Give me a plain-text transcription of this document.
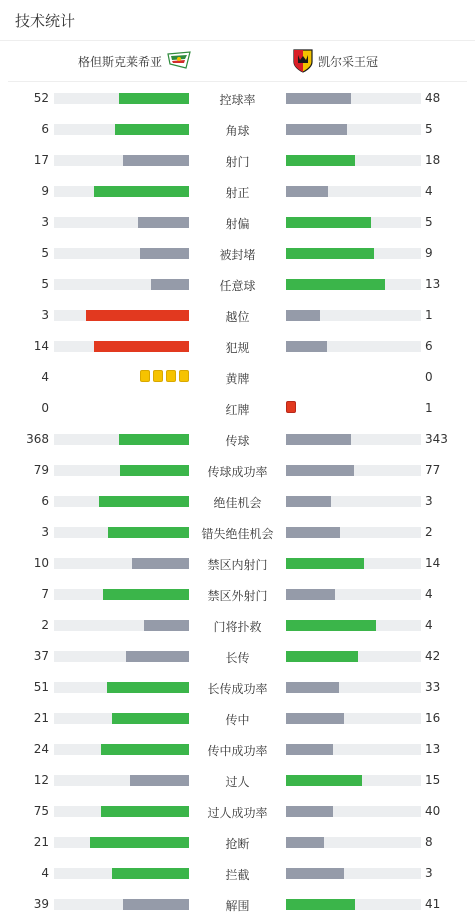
技术统计
格但斯克莱希亚	凯尔采王冠
52	控球率	48
6	角球	5
17	射门	18
9	射正	4
3	射偏	5
5	被封堵	9
5	任意球	13
3	越位	1
14	犯规	6
4	黄牌	0
0	红牌	1
368	传球	343
79	传球成功率	77
6	绝佳机会	3
3	错失绝佳机会	2
10	禁区内射门	14
7	禁区外射门	4
2	门将扑救	4
37	长传	42
51	长传成功率	33
21	传中	16
24	传中成功率	13
12	过人	15
75	过人成功率	40
21	抢断	8
4	拦截	3
39	解围	41
